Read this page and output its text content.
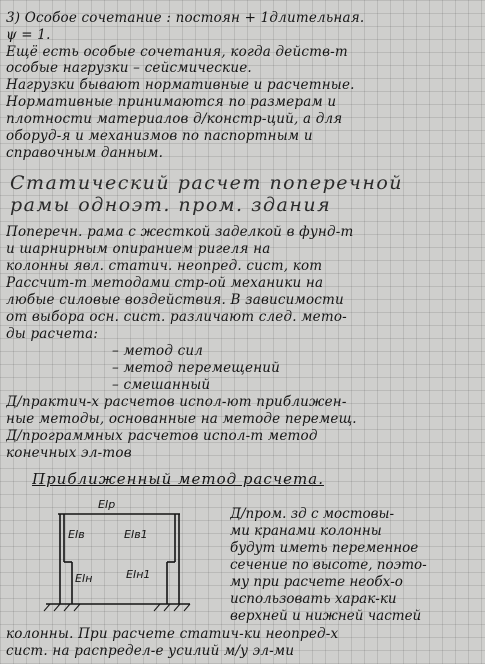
3) Особое сочетание : постоян + 1длительная.
ψ = 1.
Ещё есть особые сочетания, когда действ-т
особые нагрузки – сейсмические.
Нагрузки бывают нормативные и расчетные.
Нормативные принимаются по размерам и
плотности материалов д/констр-ций, а для
оборуд-я и механизмов по паспортным и
справочным данным.
Статический расчет поперечной
рамы одноэт. пром. здания
Поперечн. рама с жесткой заделкой в фунд-т
и шарнирным опиранием ригеля на
колонны явл. статич. неопред. сист, кот
Рассчит-т методами стр-ой механики на
любые силовые воздействия. В зависимости
от выбора осн. сист. различают след. мето-
ды расчета:
– метод сил
– метод перемещений
– смешанный
Д/практич-х расчетов испол-ют приближен-
ные методы, основанные на методе перемещ.
Д/программных расчетов испол-т метод
конечных эл-тов
Приближенный метод расчета.
EIр
EIв	EIв1
EIн	EIн1
Д/пром. зд с мостовы-
ми кранами колонны
будут иметь переменное
сечение по высоте, поэто-
му при расчете необх-о
использовать харак-ки
верхней и нижней частей
колонны. При расчете статич-ки неопред-х
сист. на распредел-е усилий м/у эл-ми
